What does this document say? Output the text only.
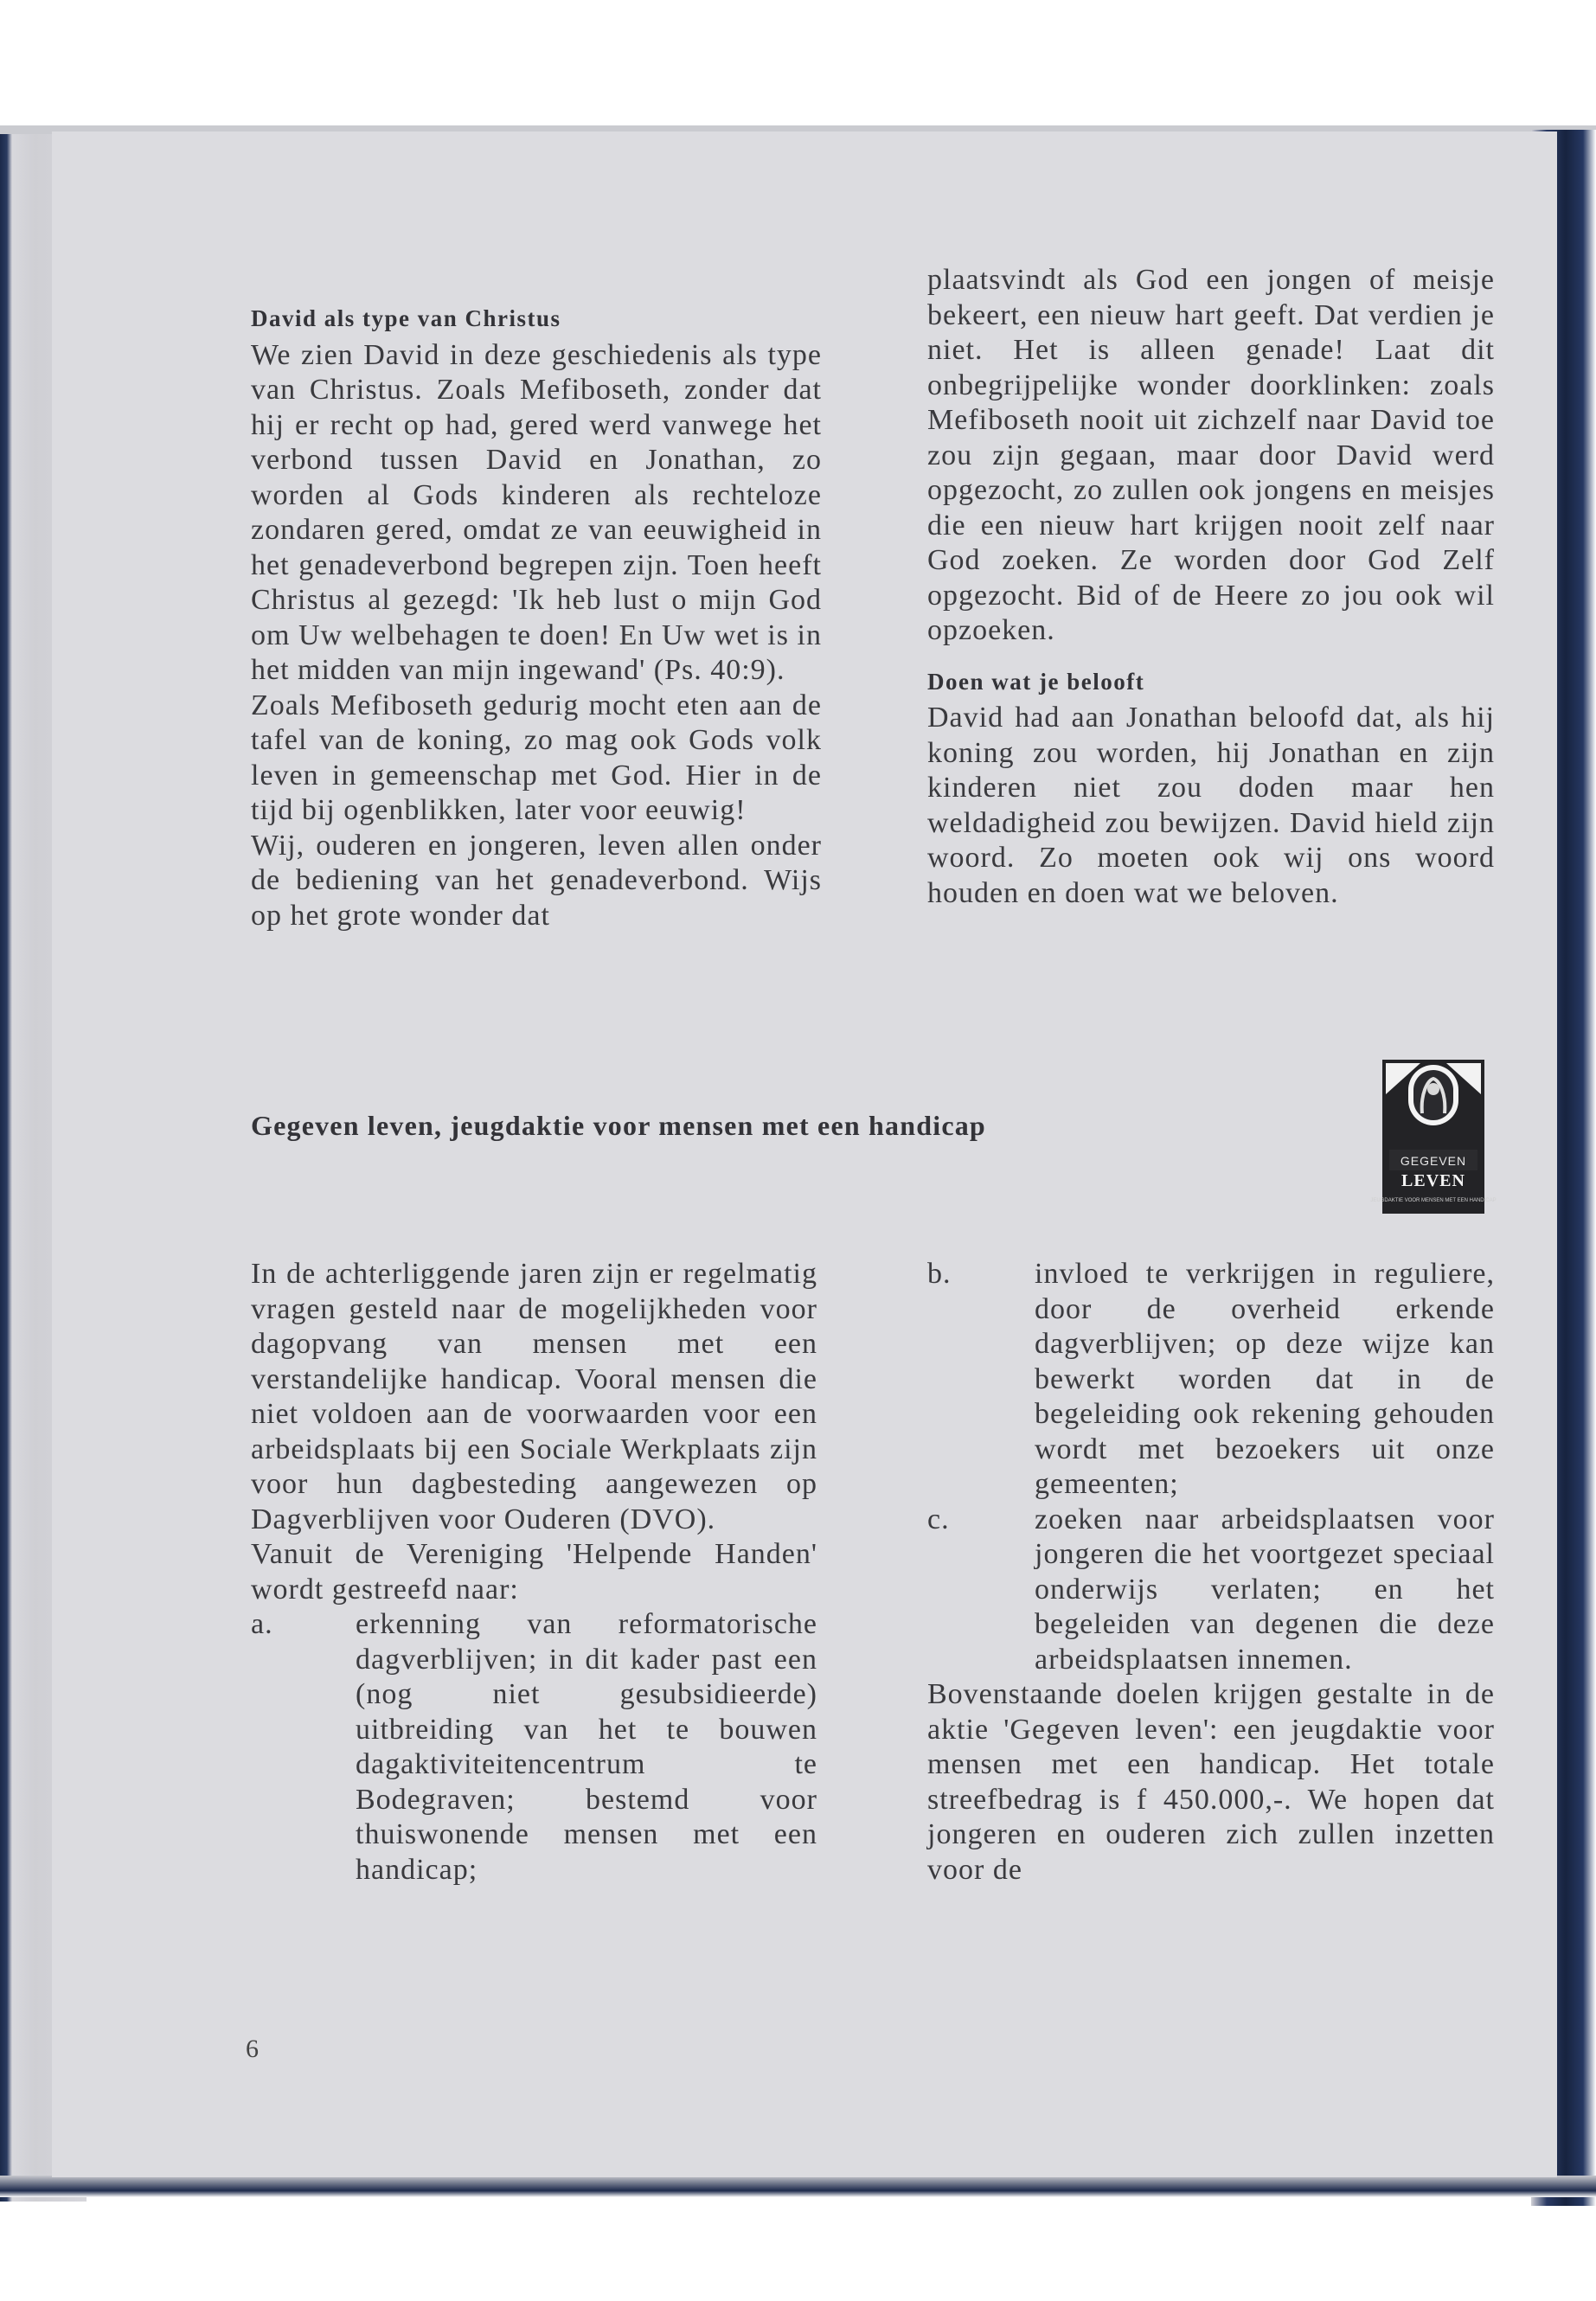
David als type van Christus

We zien David in deze geschiedenis als type van Christus. Zoals Mefiboseth, zonder dat hij er recht op had, gered werd vanwege het verbond tussen David en Jonathan, zo worden al Gods kinderen als rechteloze zondaren gered, omdat ze van eeuwigheid in het genadeverbond begrepen zijn. Toen heeft Christus al gezegd: 'Ik heb lust o mijn God om Uw welbehagen te doen! En Uw wet is in het midden van mijn ingewand' (Ps. 40:9).

Zoals Mefiboseth gedurig mocht eten aan de tafel van de koning, zo mag ook Gods volk leven in gemeenschap met God. Hier in de tijd bij ogenblikken, later voor eeuwig!

Wij, ouderen en jongeren, leven allen onder de bediening van het genadeverbond. Wijs op het grote wonder dat

plaatsvindt als God een jongen of meisje bekeert, een nieuw hart geeft. Dat verdien je niet. Het is alleen genade! Laat dit onbegrijpelijke wonder doorklinken: zoals Mefiboseth nooit uit zichzelf naar David toe zou zijn gegaan, maar door David werd opgezocht, zo zullen ook jongens en meisjes die een nieuw hart krijgen nooit zelf naar God zoeken. Ze worden door God Zelf opgezocht. Bid of de Heere zo jou ook wil opzoeken.

Doen wat je belooft

David had aan Jonathan beloofd dat, als hij koning zou worden, hij Jonathan en zijn kinderen niet zou doden maar hen weldadigheid zou bewijzen. David hield zijn woord. Zo moeten ook wij ons woord houden en doen wat we beloven.

Gegeven leven, jeugdaktie voor mensen met een handicap
GEGEVEN
LEVEN
JEUGDAKTIE VOOR MENSEN MET EEN HANDICAP

In de achterliggende jaren zijn er regelmatig vragen gesteld naar de mogelijkheden voor dagopvang van mensen met een verstandelijke handicap. Vooral mensen die niet voldoen aan de voorwaarden voor een arbeidsplaats bij een Sociale Werkplaats zijn voor hun dagbesteding aangewezen op Dagverblijven voor Ouderen (DVO).

Vanuit de Vereniging 'Helpende Handen' wordt gestreefd naar:

a.	erkenning van reformatorische dagverblijven; in dit kader past een (nog niet gesubsidieerde) uitbreiding van het te bouwen dagaktiviteitencentrum te Bodegraven; bestemd voor thuiswonende mensen met een handicap;
b.	invloed te verkrijgen in reguliere, door de overheid erkende dagverblijven; op deze wijze kan bewerkt worden dat in de begeleiding ook rekening gehouden wordt met bezoekers uit onze gemeenten;
c.	zoeken naar arbeidsplaatsen voor jongeren die het voortgezet speciaal onderwijs verlaten; en het begeleiden van degenen die deze arbeidsplaatsen innemen.

Bovenstaande doelen krijgen gestalte in de aktie 'Gegeven leven': een jeugdaktie voor mensen met een handicap. Het totale streefbedrag is f 450.000,-. We hopen dat jongeren en ouderen zich zullen inzetten voor de

6
